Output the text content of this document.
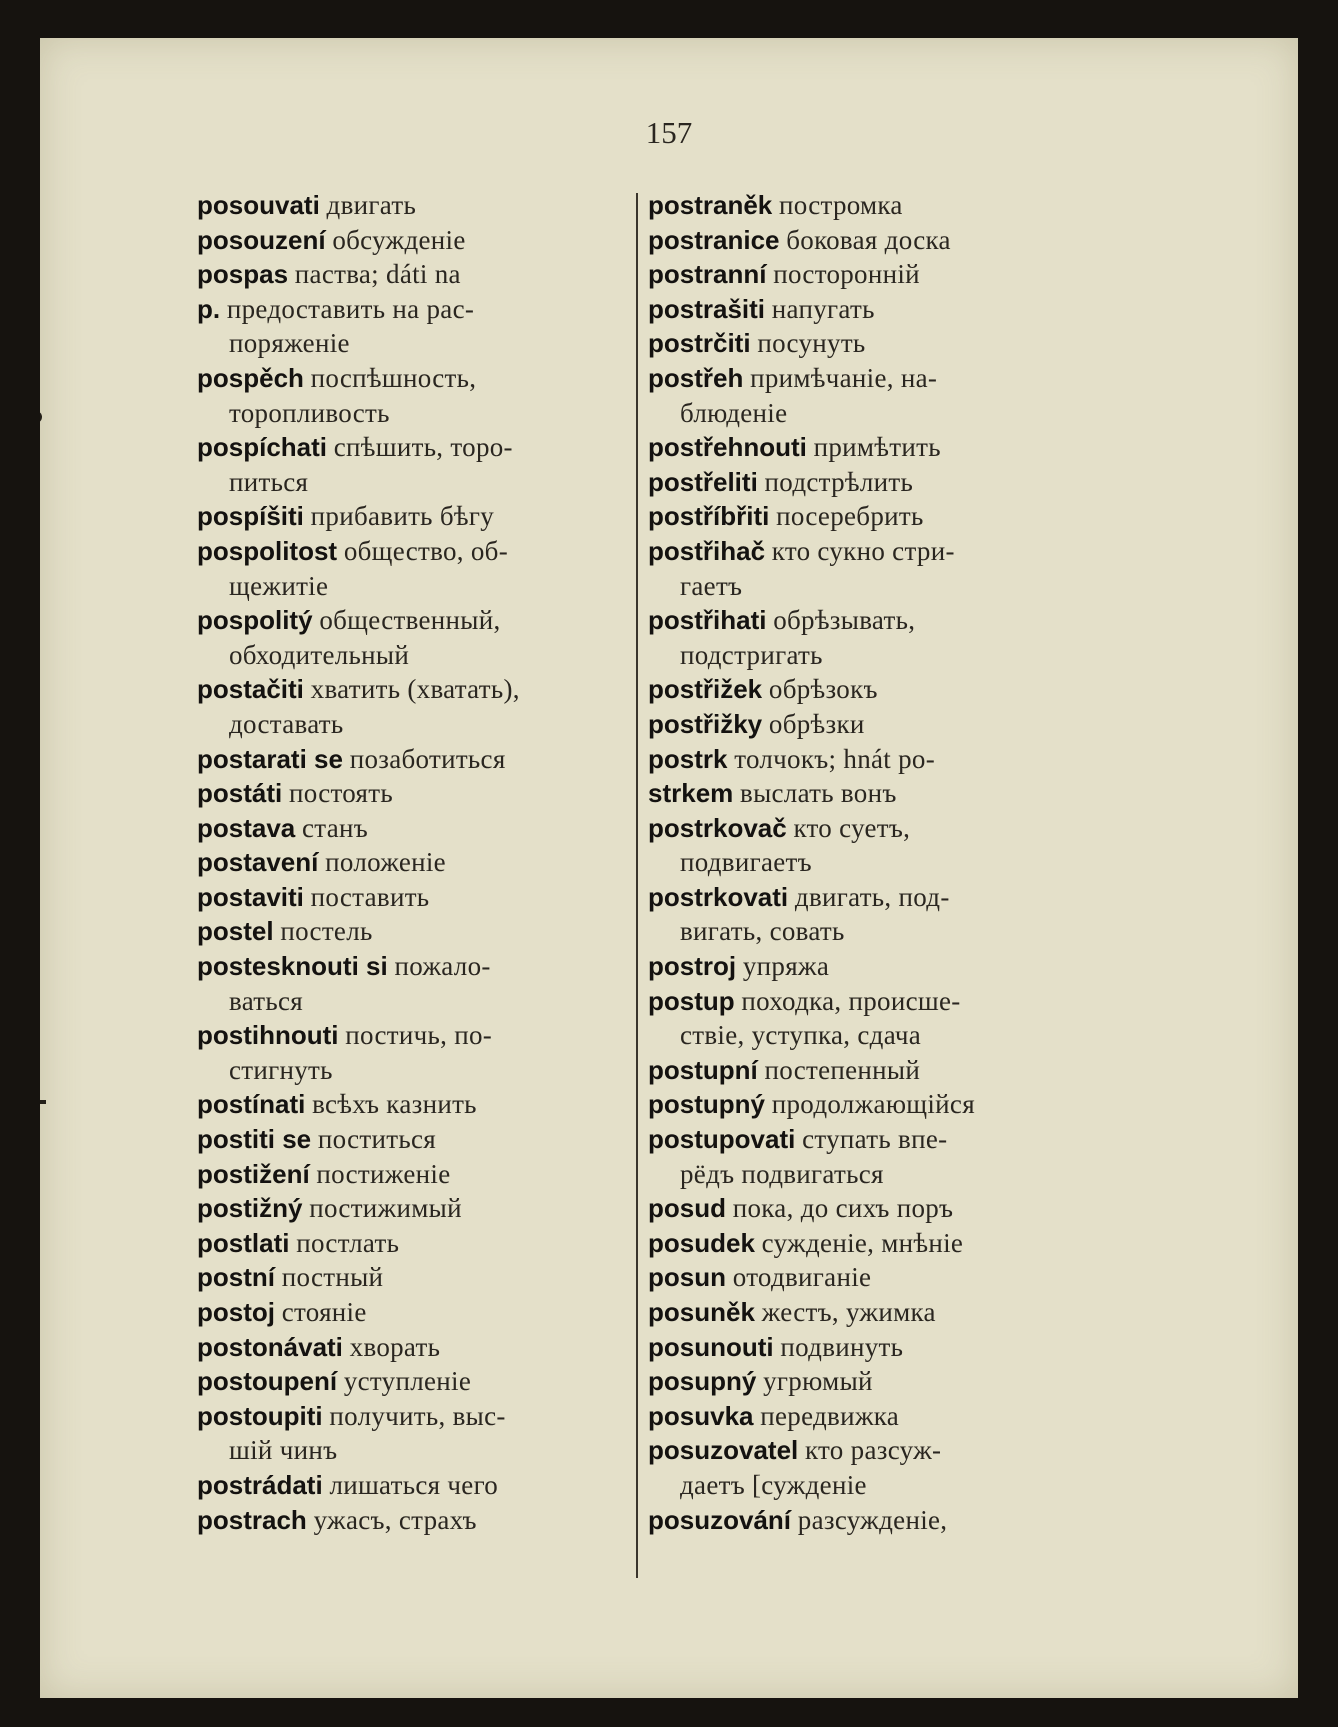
157
posouvati двигать
posouzení обсужденіе
pospas паства; dáti na
p. предоставить на рас-
поряженіе
pospěch поспѣшность,
торопливость
pospíchati спѣшить, торо-
питься
pospíšiti прибавить бѣгу
pospolitost общество, об-
щежитіе
pospolitý общественный,
обходительный
postačiti хватить (хватать),
доставать
postarati se позаботиться
postáti постоять
postava станъ
postavení положеніе
postaviti поставить
postel постель
postesknouti si пожало-
ваться
postihnouti постичь, по-
стигнуть
postínati всѣхъ казнить
postiti se поститься
postižení постиженіе
postižný постижимый
postlati постлать
postní постный
postoj стояніе
postonávati хворать
postoupení уступленіе
postoupiti получить, выс-
шій чинъ
postrádati лишаться чего
postrach ужасъ, страхъ
postraněk постромка
postranice боковая доска
postranní посторонній
postrašiti напугать
postrčiti посунуть
postřeh примѣчаніе, на-
блюденіе
postřehnouti примѣтить
postřeliti подстрѣлить
postříbřiti посеребрить
postřihač кто сукно стри-
гаетъ
postřihati обрѣзывать,
подстригать
postřižek обрѣзокъ
postřižky обрѣзки
postrk толчокъ; hnát po-
strkem выслать вонъ
postrkovač кто суетъ,
подвигаетъ
postrkovati двигать, под-
вигать, совать
postroj упряжа
postup походка, происше-
ствіе, уступка, сдача
postupní постепенный
postupný продолжающійся
postupovati ступать впе-
рёдъ подвигаться
posud пока, до сихъ поръ
posudek сужденіе, мнѣніе
posun отодвиганіе
posuněk жестъ, ужимка
posunouti подвинуть
posupný угрюмый
posuvka передвижка
posuzovatel кто разсуж-
даетъ [сужденіе
posuzování разсужденіе,
